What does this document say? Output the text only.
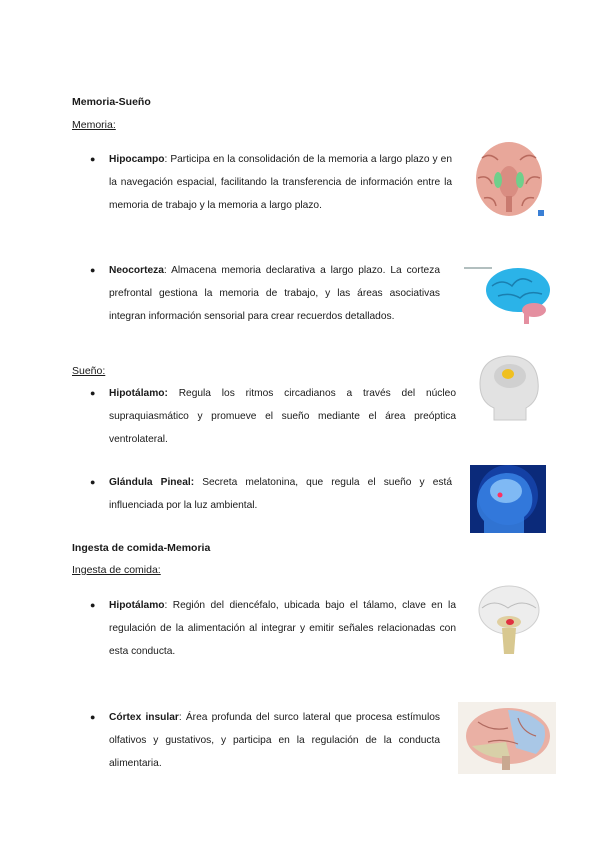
Memoria-Sueño
Memoria:
● Hipocampo: Participa en la consolidación de la memoria a largo plazo y en la navegación espacial, facilitando la transferencia de información entre la memoria de trabajo y la memoria a largo plazo.
● Neocorteza: Almacena memoria declarativa a largo plazo. La corteza prefrontal gestiona la memoria de trabajo, y las áreas asociativas integran información sensorial para crear recuerdos detallados.
Sueño:
● Hipotálamo: Regula los ritmos circadianos a través del núcleo supraquiasmático y promueve el sueño mediante el área preóptica ventrolateral.
● Glándula Pineal: Secreta melatonina, que regula el sueño y está influenciada por la luz ambiental.
Ingesta de comida-Memoria
Ingesta de comida:
● Hipotálamo: Región del diencéfalo, ubicada bajo el tálamo, clave en la regulación de la alimentación al integrar y emitir señales relacionadas con esta conducta.
● Córtex insular: Área profunda del surco lateral que procesa estímulos olfativos y gustativos, y participa en la regulación de la conducta alimentaria.
